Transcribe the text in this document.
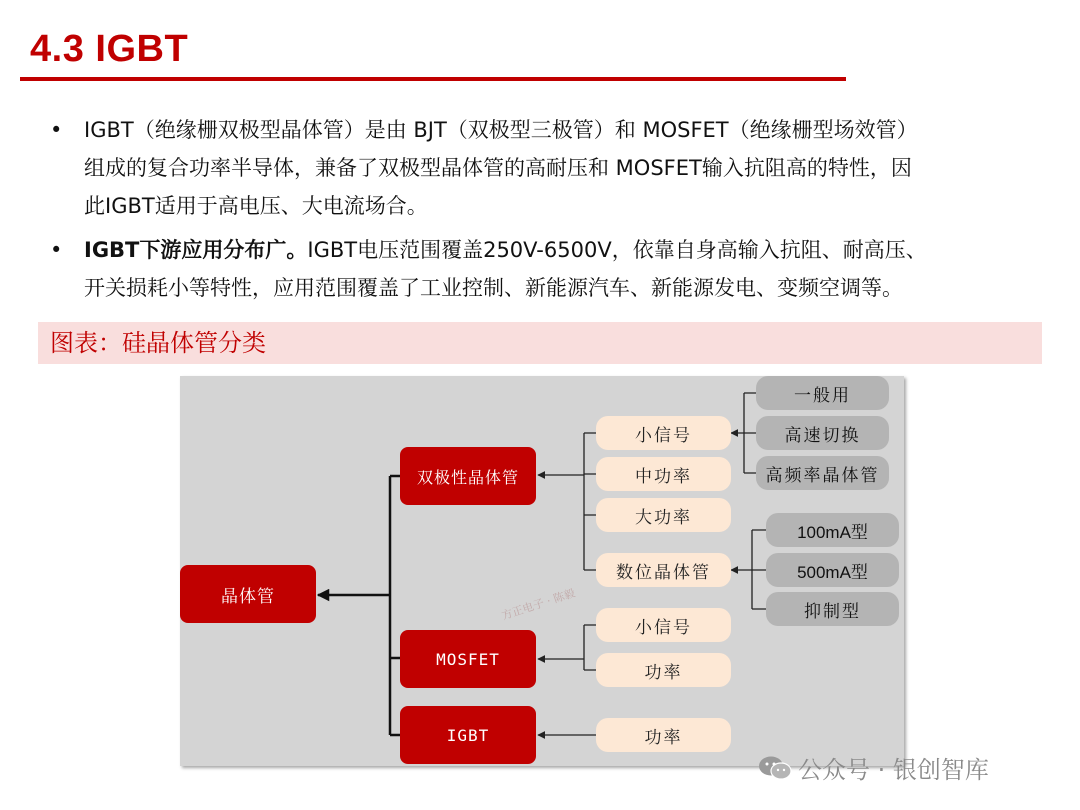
4.3 IGBT
• IGBT（绝缘栅双极型晶体管）是由 BJT（双极型三极管）和 MOSFET（绝缘栅型场效管）
组成的复合功率半导体，兼备了双极型晶体管的高耐压和 MOSFET输入抗阻高的特性，因
此IGBT适用于高电压、大电流场合。
• IGBT下游应用分布广。IGBT电压范围覆盖250V-6500V，依靠自身高输入抗阻、耐高压、
开关损耗小等特性，应用范围覆盖了工业控制、新能源汽车、新能源发电、变频空调等。
图表：硅晶体管分类
晶体管
双极性晶体管
MOSFET
IGBT
小信号
中功率
大功率
数位晶体管
一般用
高速切换
高频率晶体管
100mA型
500mA型
抑制型
小信号
功率
功率
方正电子 · 陈毅
公众号 · 银创智库
